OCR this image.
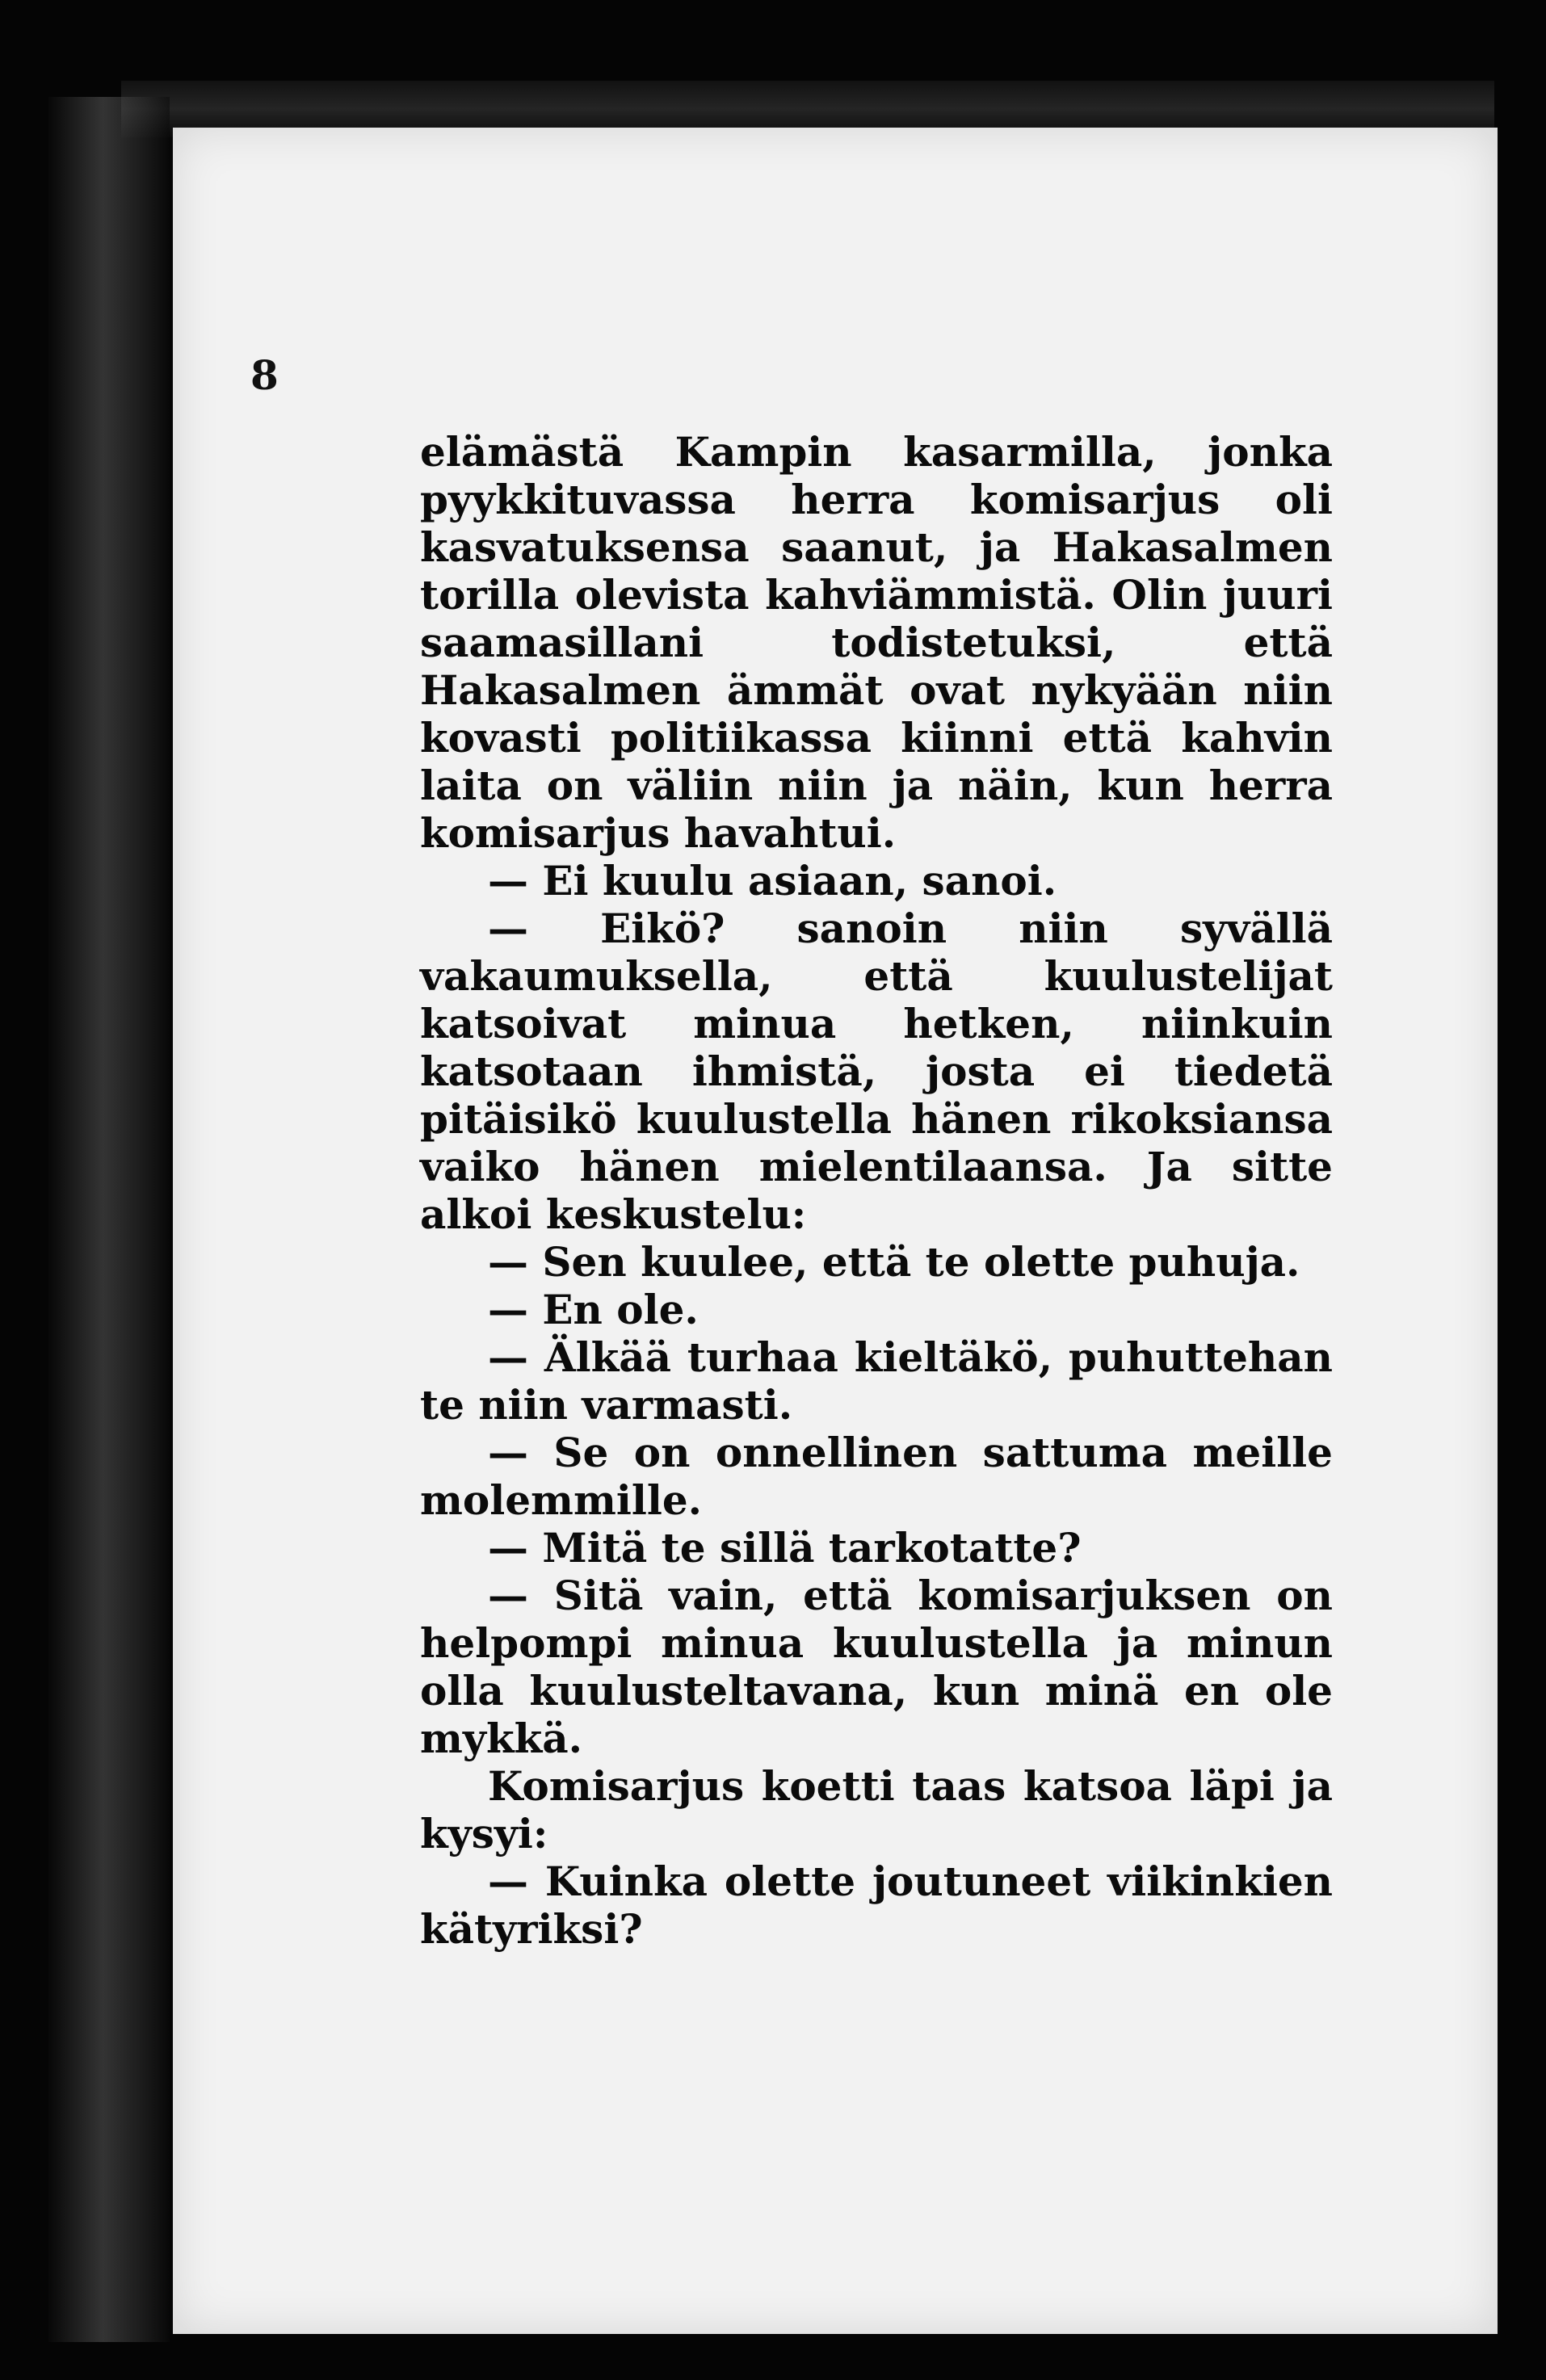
8

elämästä Kampin kasarmilla, jonka pyykkituvassa herra komisarjus oli kasvatuksensa saanut, ja Hakasalmen torilla olevista kahviämmistä. Olin juuri saamasillani todistetuksi, että Hakasalmen ämmät ovat nykyään niin kovasti politiikassa kiinni että kahvin laita on väliin niin ja näin, kun herra komisarjus havahtui.

— Ei kuulu asiaan, sanoi.

— Eikö? sanoin niin syvällä vakaumuksella, että kuulustelijat katsoivat minua hetken, niinkuin katsotaan ihmistä, josta ei tiedetä pitäisikö kuulustella hänen rikoksiansa vaiko hänen mielentilaansa. Ja sitte alkoi keskustelu:

— Sen kuulee, että te olette puhuja.

— En ole.

— Älkää turhaa kieltäkö, puhuttehan te niin varmasti.

— Se on onnellinen sattuma meille molemmille.

— Mitä te sillä tarkotatte?

— Sitä vain, että komisarjuksen on helpompi minua kuulustella ja minun olla kuulusteltavana, kun minä en ole mykkä.

Komisarjus koetti taas katsoa läpi ja kysyi:

— Kuinka olette joutuneet viikinkien kätyriksi?
